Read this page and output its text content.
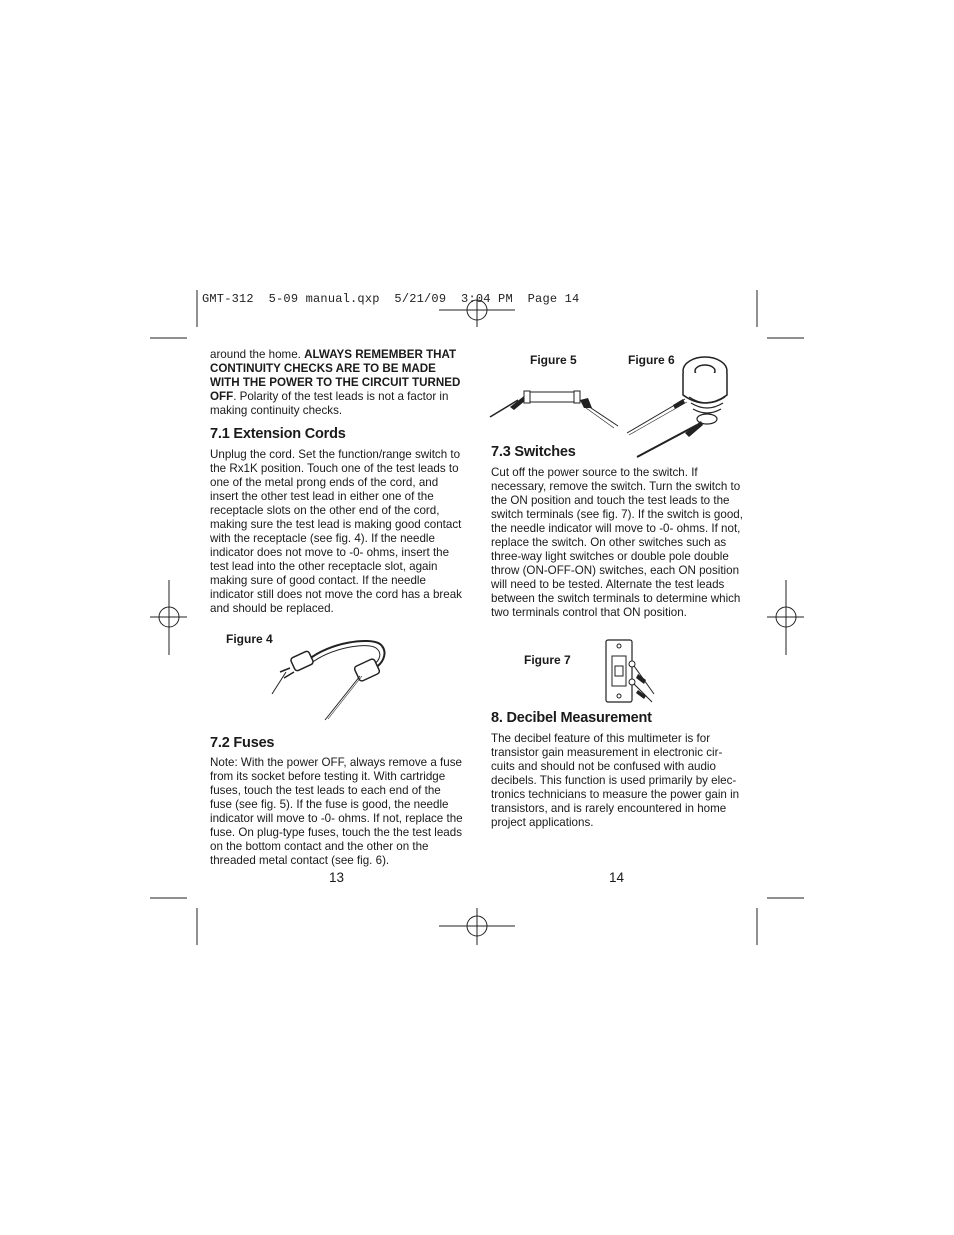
GMT-312  5-09 manual.qxp  5/21/09  3:04 PM  Page 14

around the home. ALWAYS REMEMBER THAT CONTINUITY CHECKS ARE TO BE MADE WITH THE POWER TO THE CIRCUIT TURNED OFF. Polarity of the test leads is not a factor in making continuity checks.

7.1 Extension Cords

Unplug the cord. Set the function/range switch to the Rx1K position. Touch one of the test leads to one of the metal prong ends of the cord, and insert the other test lead in either one of the receptacle slots on the other end of the cord, making sure the test lead is making good contact with the receptacle (see fig. 4). If the needle indicator does not move to -0- ohms, insert the test lead into the other receptacle slot, again making sure of good contact. If the needle indicator still does not move the cord has a break and should be replaced.

Figure 4
7.2 Fuses

Note: With the power OFF, always remove a fuse from its socket before testing it. With cartridge fuses, touch the test leads to each end of the fuse (see fig. 5). If the fuse is good, the needle indicator will move to -0- ohms. If not, replace the fuse. On plug-type fuses, touch the the test leads on the bottom contact and the other on the threaded metal contact (see fig. 6).

13
Figure 5	Figure 6
7.3 Switches

Cut off the power source to the switch. If necessary, remove the switch. Turn the switch to the ON position and touch the test leads to the switch terminals (see fig. 7). If the switch is good, the needle indicator will move to -0- ohms. If not, replace the switch. On other switches such as three-way light switches or double pole double throw (ON-OFF-ON) switches, each ON position will need to be tested. Alternate the test leads between the switch terminals to determine which two terminals control that ON position.

Figure 7
8. Decibel Measurement

The decibel feature of this multimeter is for transistor gain measurement in electronic cir-cuits and should not be confused with audio decibels. This function is used primarily by elec-tronics technicians to measure the power gain in transistors, and is rarely encountered in home project applications.

14
